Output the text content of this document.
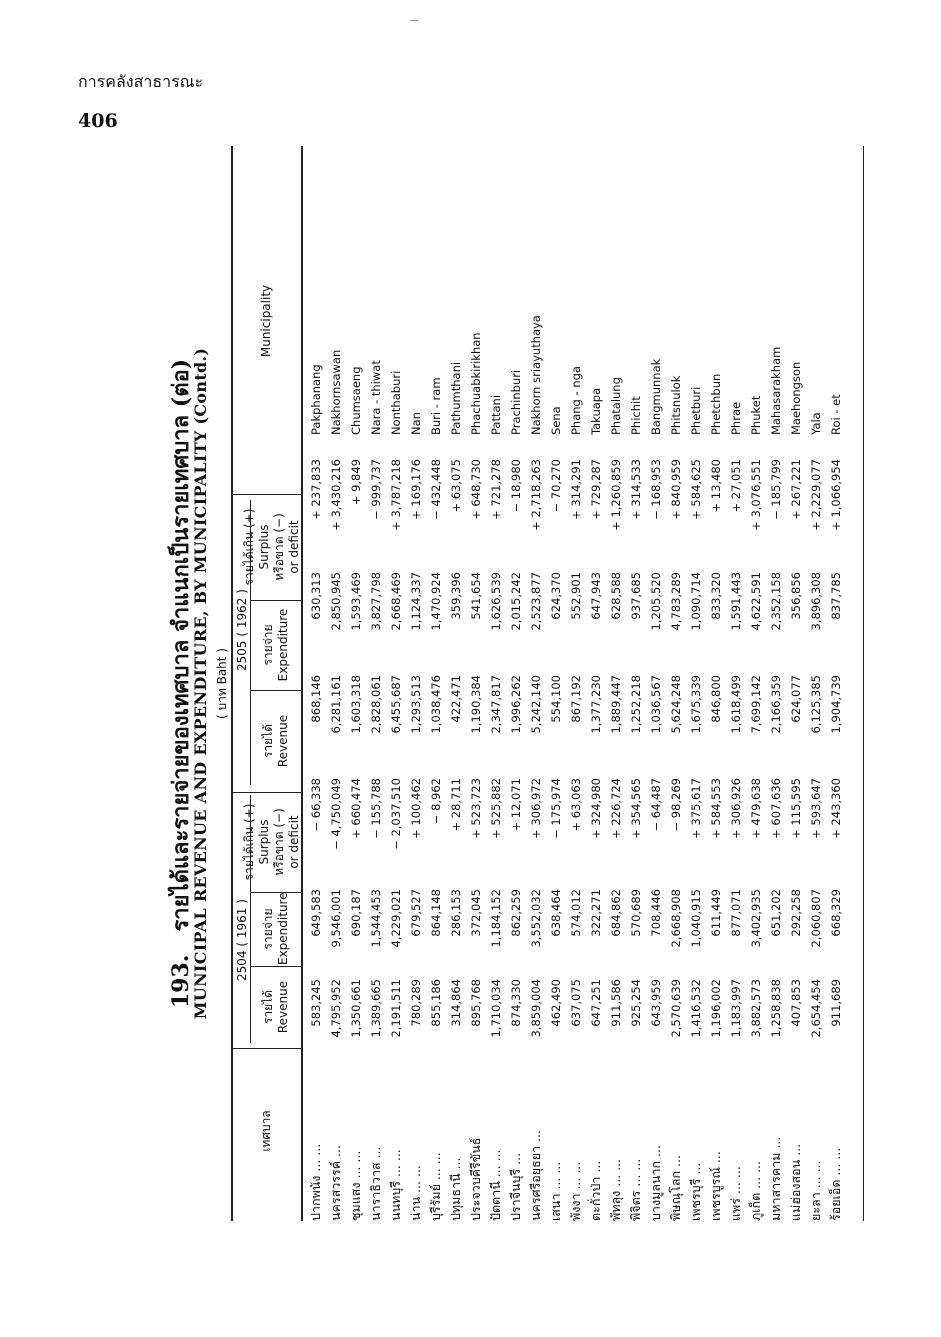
การคลังสาธารณะ
406
193.   รายได้และรายจ่ายของเทศบาล จำแนกเป็นรายเทศบาล (ต่อ)
MUNICIPAL REVENUE AND EXPENDITURE, BY MUNICIPALITY (Contd.) ( บาท Baht )
เทศบาล
2504 ( 1961 )
2505 ( 1962 )
รายได้ Revenue
รายจ่าย Expenditure
รายได้เกิน (+) Surplus หรือขาด (−) or deficit
รายได้ Revenue
รายจ่าย Expenditure
รายได้เกิน (+) Surplus หรือขาด (−) or deficit
Municipality
ปากพนัง ... ...	583,245	649,583	− 66,338	868,146	630,313	+ 237,833	Pakphanang
นครสวรรค์ ...	4,795,952	9,546,001	− 4,750,049	6,281,161	2,850,945	+ 3,430,216	Nakhornsawan
ชุมแสง ... ...	1,350,661	690,187	+ 660,474	1,603,318	1,593,469	+ 9,849	Chumsaeng
นาราธิวาส ...	1,389,665	1,544,453	− 155,788	2,828,061	3,827,798	− 999,737	Nara - thiwat
นนทบุรี ... ...	2,191,511	4,229,021	− 2,037,510	6,455,687	2,668,469	+ 3,787,218	Nonthaburi
น่าน ... ...	780,289	679,527	+ 100,462	1,293,513	1,124,337	+ 169,176	Nan
บุรีรัมย์ ... ...	855,186	864,148	− 8,962	1,038,476	1,470,924	− 432,448	Buri - ram
ปทุมธานี ...	314,864	286,153	+ 28,711	422,471	359,396	+ 63,075	Pathumthani
ประจวบคีรีขันธ์	895,768	372,045	+ 523,723	1,190,384	541,654	+ 648,730	Phachuabkirikhan
ปัตตานี ... ...	1,710,034	1,184,152	+ 525,882	2,347,817	1,626,539	+ 721,278	Pattani
ปราจีนบุรี ...	874,330	862,259	+ 12,071	1,996,262	2,015,242	− 18,980	Prachinburi
นครศรีอยุธยา ...	3,859,004	3,552,032	+ 306,972	5,242,140	2,523,877	+ 2,718,263	Nakhorn sriayuthaya
เสนา ... ...	462,490	638,464	− 175,974	554,100	624,370	− 70,270	Sena
พังงา ... ...	637,075	574,012	+ 63,063	867,192	552,901	+ 314,291	Phang - nga
ตะกั่วป่า ...	647,251	322,271	+ 324,980	1,377,230	647,943	+ 729,287	Takuapa
พัทลุง ... ...	911,586	684,862	+ 226,724	1,889,447	628,588	+ 1,260,859	Phatalung
พิจิตร ... ...	925,254	570,689	+ 354,565	1,252,218	937,685	+ 314,533	Phichit
บางมูลนาก ...	643,959	708,446	− 64,487	1,036,567	1,205,520	− 168,953	Bangmunnak
พิษณุโลก ...	2,570,639	2,668,908	− 98,269	5,624,248	4,783,289	+ 840,959	Phitsnulok
เพชรบุรี ...	1,416,532	1,040,915	+ 375,617	1,675,339	1,090,714	+ 584,625	Phetburi
เพชรบูรณ์ ...	1,196,002	611,449	+ 584,553	846,800	833,320	+ 13,480	Phetchbun
แพร่ ... ...	1,183,997	877,071	+ 306,926	1,618,499	1,591,443	+ 27,051	Phrae
ภูเก็ต ... ...	3,882,573	3,402,935	+ 479,638	7,699,142	4,622,591	+ 3,076,551	Phuket
มหาสารคาม ...	1,258,838	651,202	+ 607,636	2,166,359	2,352,158	− 185,799	Mahasarakham
แม่ฮ่องสอน ...	407,853	292,258	+ 115,595	624,077	356,856	+ 267,221	Maehongson
ยะลา ... ...	2,654,454	2,060,807	+ 593,647	6,125,385	3,896,308	+ 2,229,077	Yala
ร้อยเอ็ด ... ...	911,689	668,329	+ 243,360	1,904,739	837,785	+ 1,066,954	Roi - et
